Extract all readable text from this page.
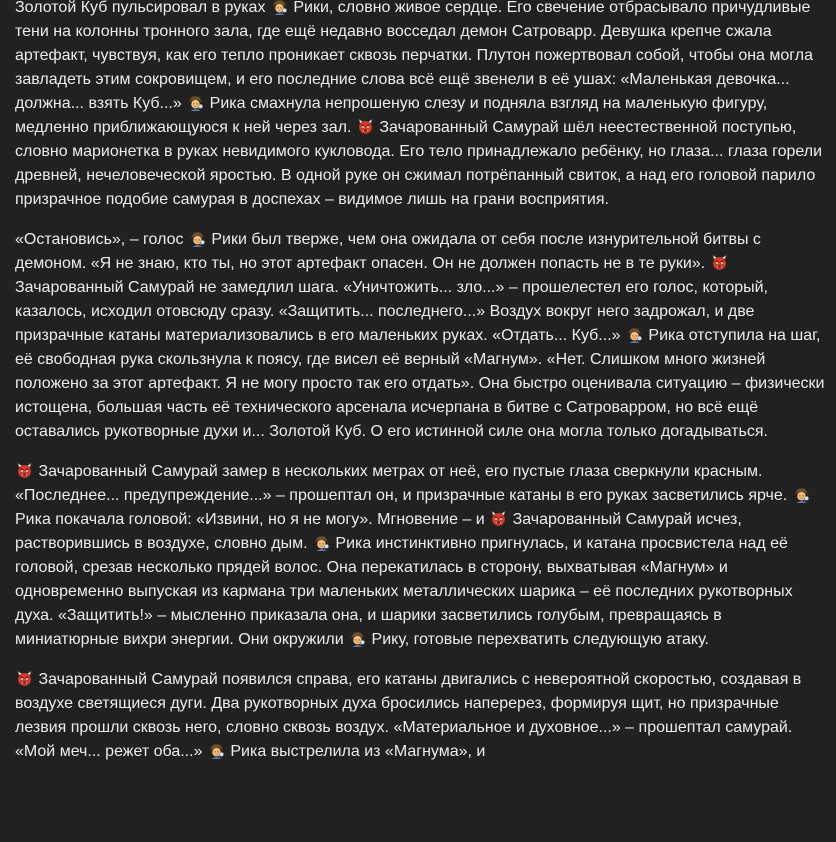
Золотой Куб пульсировал в руках
Рики, словно живое сердце. Его свечение отбрасывало причудливые тени на колонны тронного зала, где ещё недавно восседал демон Сатроварр. Девушка крепче сжала артефакт, чувствуя, как его тепло проникает сквозь перчатки. Плутон пожертвовал собой, чтобы она могла завладеть этим сокровищем, и его последние слова всё ещё звенели в её ушах: «Маленькая девочка... должна... взять Куб...»
Рика смахнула непрошеную слезу и подняла взгляд на маленькую фигуру, медленно приближающуюся к ней через зал.
Зачарованный Самурай шёл неестественной поступью, словно марионетка в руках невидимого кукловода. Его тело принадлежало ребёнку, но глаза... глаза горели древней, нечеловеческой яростью. В одной руке он сжимал потрёпанный свиток, а над его головой парило призрачное подобие самурая в доспехах – видимое лишь на грани восприятия.

«Остановись», – голос
Рики был тверже, чем она ожидала от себя после изнурительной битвы с демоном. «Я не знаю, кто ты, но этот артефакт опасен. Он не должен попасть не в те руки».
Зачарованный Самурай не замедлил шага. «Уничтожить... зло...» – прошелестел его голос, который, казалось, исходил отовсюду сразу. «Защитить... последнего...» Воздух вокруг него задрожал, и две призрачные катаны материализовались в его маленьких руках. «Отдать... Куб...»
Рика отступила на шаг, её свободная рука скользнула к поясу, где висел её верный «Магнум». «Нет. Слишком много жизней положено за этот артефакт. Я не могу просто так его отдать». Она быстро оценивала ситуацию – физически истощена, большая часть её технического арсенала исчерпана в битве с Сатроварром, но всё ещё оставались рукотворные духи и... Золотой Куб. О его истинной силе она могла только догадываться.

Зачарованный Самурай замер в нескольких метрах от неё, его пустые глаза сверкнули красным. «Последнее... предупреждение...» – прошептал он, и призрачные катаны в его руках засветились ярче.
Рика покачала головой: «Извини, но я не могу». Мгновение – и
Зачарованный Самурай исчез, растворившись в воздухе, словно дым.
Рика инстинктивно пригнулась, и катана просвистела над её головой, срезав несколько прядей волос. Она перекатилась в сторону, выхватывая «Магнум» и одновременно выпуская из кармана три маленьких металлических шарика – её последних рукотворных духа. «Защитить!» – мысленно приказала она, и шарики засветились голубым, превращаясь в миниатюрные вихри энергии. Они окружили
Рику, готовые перехватить следующую атаку.

Зачарованный Самурай появился справа, его катаны двигались с невероятной скоростью, создавая в воздухе светящиеся дуги. Два рукотворных духа бросились наперерез, формируя щит, но призрачные лезвия прошли сквозь него, словно сквозь воздух. «Материальное и духовное...» – прошептал самурай. «Мой меч... режет оба...»
Рика выстрелила из «Магнума», и
